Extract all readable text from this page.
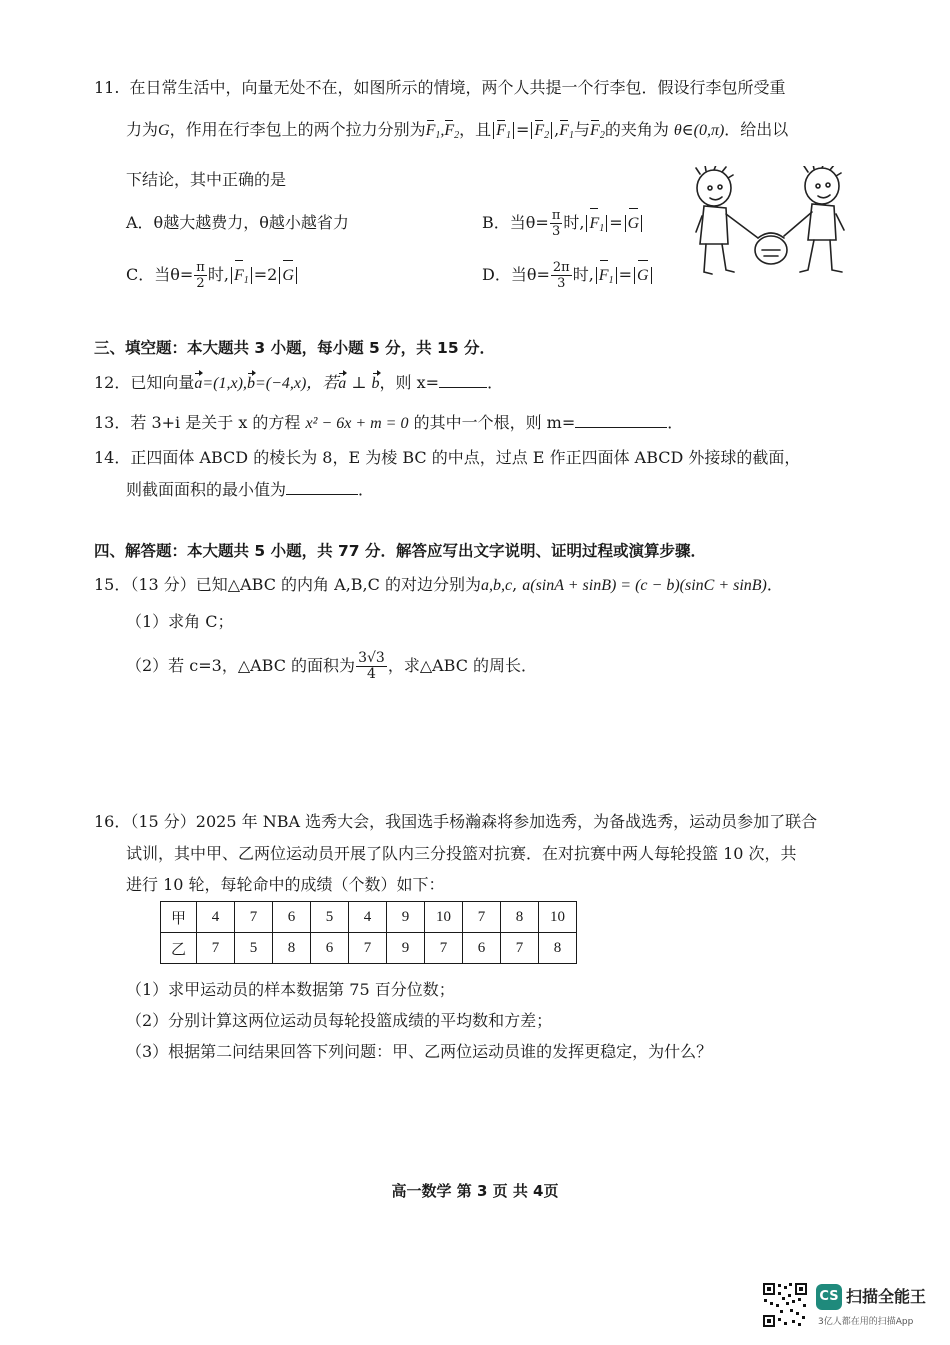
11. 在日常生活中，向量无处不在，如图所示的情境，两个人共提一个行李包．假设行李包所受重
力为G，作用在行李包上的两个拉力分别为$F_1,F_2$，且 $F_1 = F_2$ $,F_1$与$F_2$的夹角为 θ∈(0,π)．给出以
下结论，其中正确的是
A．θ越大越费力，θ越小越省力	B．当$\theta= \frac{\pi}{3}$ 时, $F_1 = G$
C．当$\theta= \frac{\pi}{2}$ 时, $F_1 =2$ G	D．当$\theta= \frac{2\pi}{3}$ 时, $F_1 = G$
三、填空题：本大题共 3 小题，每小题 5 分，共 15 分．
12．已知向量a=(1,x),b=(−4,x)，若a ⊥ b，则 x=	．
13．若 3+i 是关于 x 的方程 x² − 6x + m = 0 的其中一个根，则 m=	．
14．正四面体 ABCD 的棱长为 8，E 为棱 BC 的中点，过点 E 作正四面体 ABCD 外接球的截面，
则截面面积的最小值为	．
四、解答题：本大题共 5 小题，共 77 分．解答应写出文字说明、证明过程或演算步骤．
15．（13 分）已知△ABC 的内角 A,B,C 的对边分别为a,b,c, a(sinA + sinB) = (c − b)(sinC + sinB)．
（1）求角 C；
（2）若 c=3，△ABC 的面积为 $\frac{3√3}{4}$ ，求△ABC 的周长．
16．（15 分）2025 年 NBA 选秀大会，我国选手杨瀚森将参加选秀，为备战选秀，运动员参加了联合
试训，其中甲、乙两位运动员开展了队内三分投篮对抗赛．在对抗赛中两人每轮投篮 10 次，共
进行 10 轮，每轮命中的成绩（个数）如下：
甲	4	7	6	5	4	9	10	7	8	10
乙	7	5	8	6	7	9	7	6	7	8
（1）求甲运动员的样本数据第 75 百分位数；
（2）分别计算这两位运动员每轮投篮成绩的平均数和方差；
（3）根据第二问结果回答下列问题：甲、乙两位运动员谁的发挥更稳定，为什么？
高一数学 第 3 页 共 4页
CS 扫描全能王
3亿人都在用的扫描App
